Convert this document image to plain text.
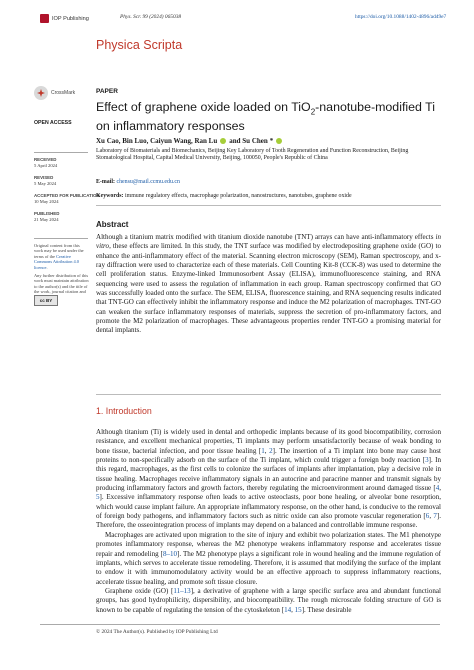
IOP Publishing	Phys. Scr. 99 (2024) 065038	https://doi.org/10.1088/1402-4896/ad49e7
Physica Scripta
CrossMark
OPEN ACCESS
RECEIVED
5 April 2024
REVISED
5 May 2024
ACCEPTED FOR PUBLICATION
10 May 2024
PUBLISHED
21 May 2024
Original content from this work may be used under the terms of the Creative Commons Attribution 4.0 licence.
Any further distribution of this work must maintain attribution to the author(s) and the title of the work, journal citation and
cc BY
PAPER
Effect of graphene oxide loaded on TiO$_2$-nanotube-modified Ti on inflammatory responses
Xu Cao, Bin Luo, Caiyun Wang, Ran Lu and Su Chen *
Laboratory of Biomaterials and Biomechanics, Beijing Key Laboratory of Tooth Regeneration and Function Reconstruction, Beijing Stomatological Hospital, Capital Medical University, Beijing, 100050, People's Republic of China
E-mail: chensu@mail.ccmu.edu.cn
Keywords: immune regulatory effects, macrophage polarization, nanostructures, nanotubes, graphene oxide
Abstract

Although a titanium matrix modified with titanium dioxide nanotube (TNT) arrays can have anti-inflammatory effects in vitro, these effects are limited. In this study, the TNT surface was modified by electrodepositing graphene oxide (GO) to enhance the anti-inflammatory effect of the material. Scanning electron microscopy (SEM), Raman spectroscopy, and x-ray diffraction were used to characterize each of these materials. Cell Counting Kit-8 (CCK-8) was used to determine the cell proliferation status. Enzyme-linked Immunosorbent Assay (ELISA), immunofluorescence staining, and RNA sequencing were used to assess the regulation of inflammation in each group. Raman spectroscopy confirmed that GO was successfully loaded onto the surface. The SEM, ELISA, fluorescence staining, and RNA sequencing results indicated that TNT-GO can effectively inhibit the inflammatory response and induce the M2 polarization of macrophages. TNT-GO can weaken the surface inflammatory responses of materials, suppress the secretion of pro-inflammatory factors, and promote the M2 polarization of macrophages. These advantageous properties render TNT-GO a promising material for dental implants.

1. Introduction

Although titanium (Ti) is widely used in dental and orthopedic implants because of its good biocompatibility, corrosion resistance, and excellent mechanical properties, Ti implants may perform unsatisfactorily because of weak bonding to bone tissue, bacterial infection, and poor tissue healing [1, 2]. The insertion of a Ti implant into bone may cause host proteins to non-specifically adsorb on the surface of the Ti implant, which could trigger a foreign body reaction [3]. In this regard, macrophages, as the first cells to colonize the surfaces of implants after implantation, play a decisive role in tissue healing. Macrophages receive inflammatory signals in an autocrine and paracrine manner and transmit signals by producing inflammatory factors and growth factors, thereby regulating the microenvironment around damaged tissue [4, 5]. Excessive inflammatory response often leads to active osteoclasts, poor bone healing, or alveolar bone resorption, which would cause implant failure. An appropriate inflammatory response, on the other hand, is conducive to the removal of foreign body pathogens, and inflammatory factors such as nitric oxide can also promote vascular regeneration [6, 7]. Therefore, the osseointegration process of implants may depend on a balanced and controllable immune response.

Macrophages are activated upon migration to the site of injury and exhibit two polarization states. The M1 phenotype promotes inflammatory response, whereas the M2 phenotype weakens inflammatory response and accelerates tissue repair and remodeling [8–10]. The M2 phenotype plays a significant role in wound healing and the immune regulation of implants, which serves to accelerate tissue remodeling. Therefore, it is assumed that modifying the surface of the implant to endow it with immunomodulatory activity would be an effective approach to suppress inflammatory reactions, accelerate tissue healing, and promote soft tissue closure.

Graphene oxide (GO) [11–13], a derivative of graphene with a large specific surface area and abundant functional groups, has good hydrophilicity, dispersibility, and biocompatibility. The rough microscale folding structure of GO is known to be capable of regulating the tension of the cytoskeleton [14, 15]. These desirable

© 2024 The Author(s). Published by IOP Publishing Ltd
